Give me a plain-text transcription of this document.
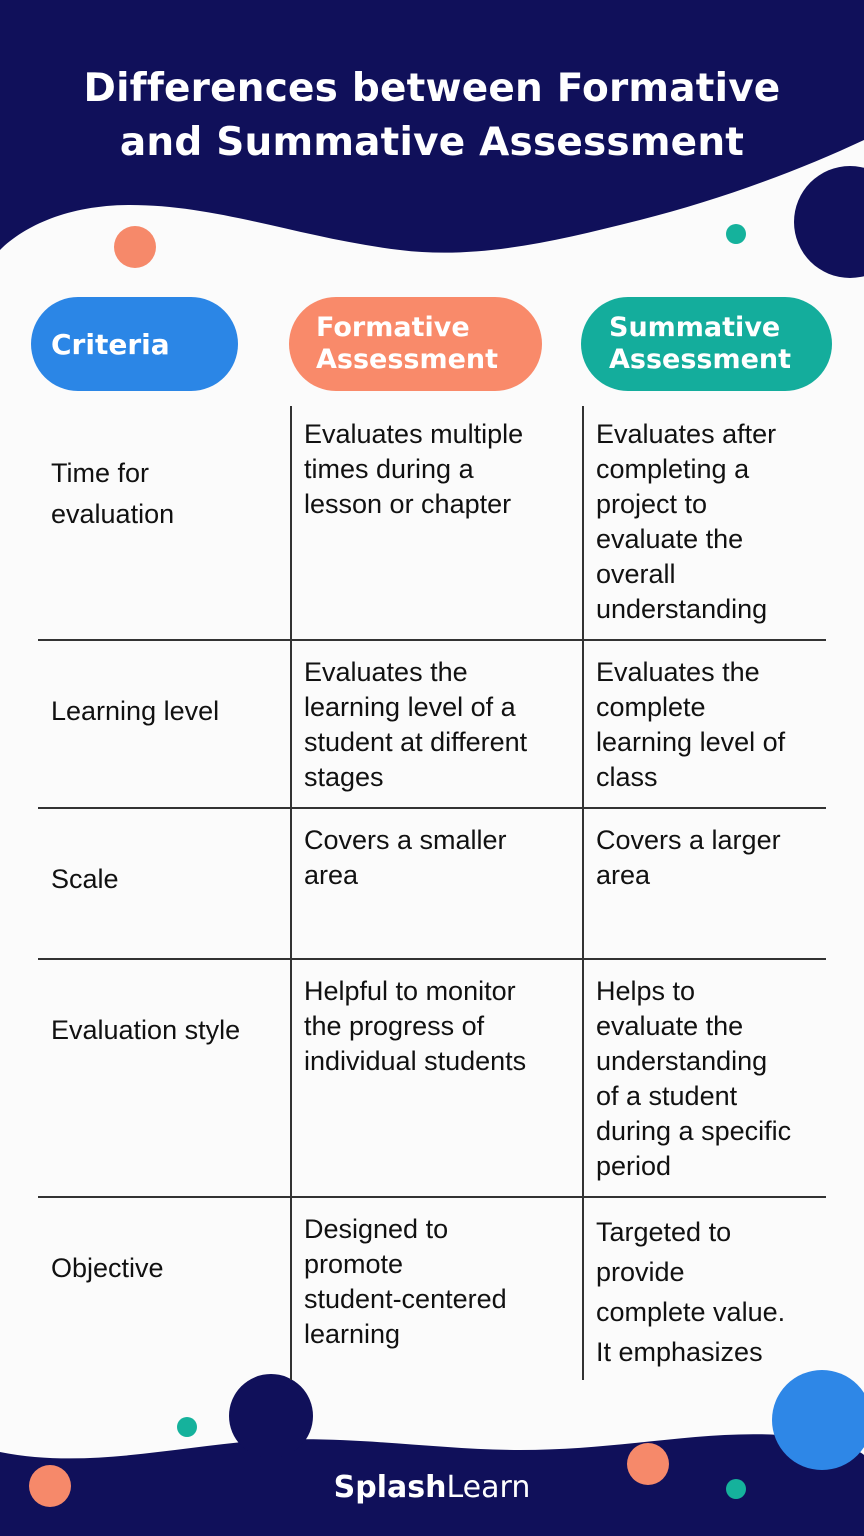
Differences between Formative
and Summative Assessment
Criteria	Formative
Assessment
Summative
Assessment
Time for
evaluation
Evaluates multiple
times during a
lesson or chapter
Evaluates after
completing a
project to
evaluate the
overall
understanding
Learning level
Evaluates the
learning level of a
student at different
stages
Evaluates the
complete
learning level of
class
Scale
Covers a smaller
area
Covers a larger
area
Evaluation style
Helpful to monitor
the progress of
individual students
Helps to
evaluate the
understanding
of a student
during a specific
period
Objective
Designed to
promote
student-centered
learning
Targeted to
provide
complete value.
It emphasizes
SplashLearn
